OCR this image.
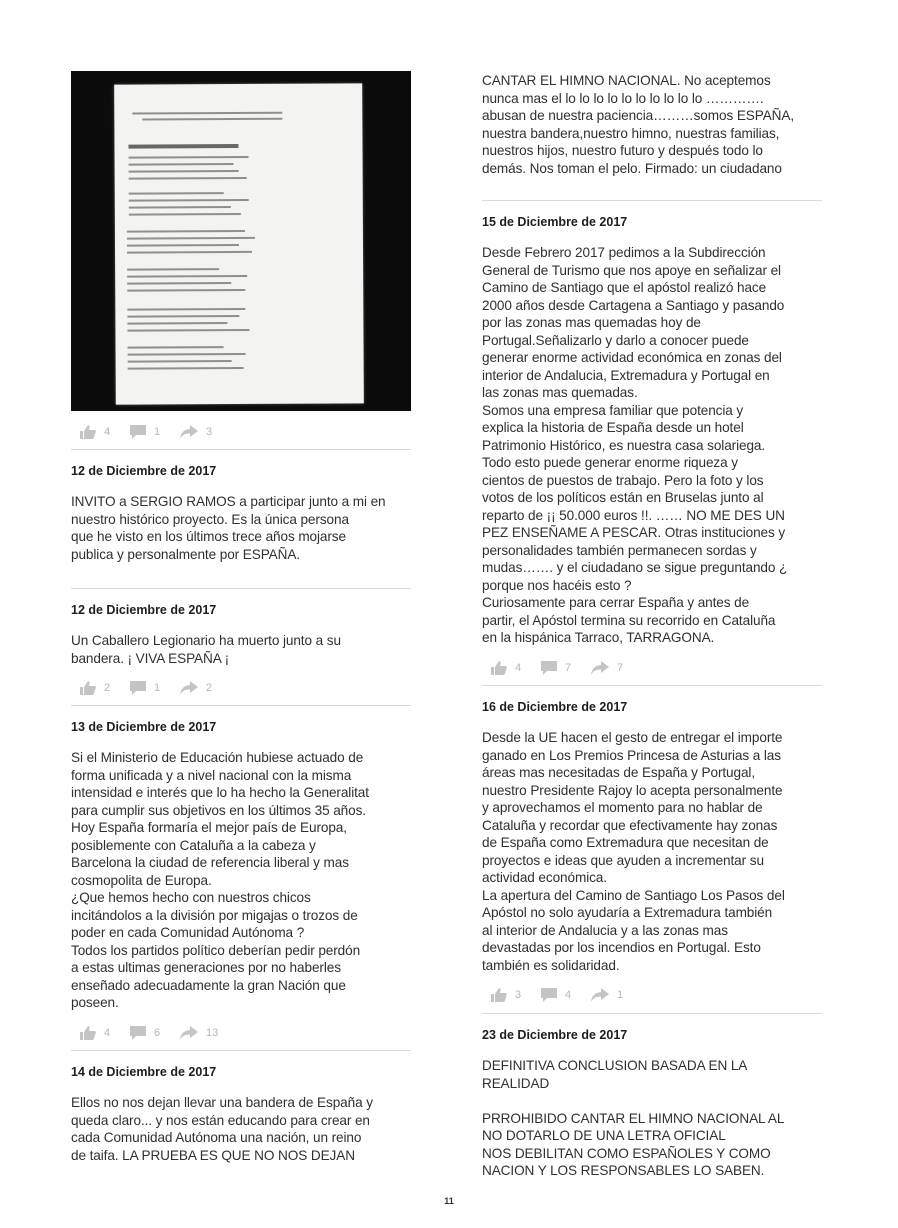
4	1	3
12 de Diciembre de 2017
INVITO a SERGIO RAMOS a participar junto a mi en
nuestro histórico proyecto. Es la única persona
que he visto en los últimos trece años mojarse
publica y personalmente por ESPAÑA.
12 de Diciembre de 2017
Un Caballero Legionario ha muerto junto a su
bandera. ¡ VIVA ESPAÑA ¡
2	1	2
13 de Diciembre de 2017
Si el Ministerio de Educación hubiese actuado de
forma unificada y a nivel nacional con la misma
intensidad e interés que lo ha hecho la Generalitat
para cumplir sus objetivos en los últimos 35 años.
Hoy España formaría el mejor país de Europa,
posiblemente con Cataluña a la cabeza y
Barcelona la ciudad de referencia liberal y mas
cosmopolita de Europa.
¿Que hemos hecho con nuestros chicos
incitándolos a la división por migajas o trozos de
poder en cada Comunidad Autónoma ?
Todos los partidos político deberían pedir perdón
a estas ultimas generaciones por no haberles
enseñado adecuadamente la gran Nación que
poseen.
4	6	13
14 de Diciembre de 2017
Ellos no nos dejan llevar una bandera de España y
queda claro... y nos están educando para crear en
cada Comunidad Autónoma una nación, un reino
de taifa. LA PRUEBA ES QUE NO NOS DEJAN
CANTAR EL HIMNO NACIONAL. No aceptemos
nunca mas el lo lo lo lo lo lo lo lo lo lo ………….
abusan de nuestra paciencia………somos ESPAÑA,
nuestra bandera,nuestro himno, nuestras familias,
nuestros hijos, nuestro futuro y después todo lo
demás. Nos toman el pelo. Firmado: un ciudadano
15 de Diciembre de 2017
Desde Febrero 2017 pedimos a la Subdirección
General de Turismo que nos apoye en señalizar el
Camino de Santiago que el apóstol realizó hace
2000 años desde Cartagena a Santiago y pasando
por las zonas mas quemadas hoy de
Portugal.Señalizarlo y darlo a conocer puede
generar enorme actividad económica en zonas del
interior de Andalucia, Extremadura y Portugal en
las zonas mas quemadas.
Somos una empresa familiar que potencia y
explica la historia de España desde un hotel
Patrimonio Histórico, es nuestra casa solariega.
Todo esto puede generar enorme riqueza y
cientos de puestos de trabajo. Pero la foto y los
votos de los políticos están en Bruselas junto al
reparto de ¡¡ 50.000 euros !!. …… NO ME DES UN
PEZ ENSEÑAME A PESCAR. Otras instituciones y
personalidades también permanecen sordas y
mudas……. y el ciudadano se sigue preguntando ¿
porque nos hacéis esto ?
Curiosamente para cerrar España y antes de
partir, el Apóstol termina su recorrido en Cataluña
en la hispánica Tarraco, TARRAGONA.
4	7	7
16 de Diciembre de 2017
Desde la UE hacen el gesto de entregar el importe
ganado en Los Premios Princesa de Asturias a las
áreas mas necesitadas de España y Portugal,
nuestro Presidente Rajoy lo acepta personalmente
y aprovechamos el momento para no hablar de
Cataluña y recordar que efectivamente hay zonas
de España como Extremadura que necesitan de
proyectos e ideas que ayuden a incrementar su
actividad económica.
La apertura del Camino de Santiago Los Pasos del
Apóstol no solo ayudaría a Extremadura también
al interior de Andalucia y a las zonas mas
devastadas por los incendios en Portugal. Esto
también es solidaridad.
3	4	1
23 de Diciembre de 2017
DEFINITIVA CONCLUSION BASADA EN LA
REALIDAD

PRROHIBIDO CANTAR EL HIMNO NACIONAL AL
NO DOTARLO DE UNA LETRA OFICIAL
NOS DEBILITAN COMO ESPAÑOLES Y COMO
NACION Y LOS RESPONSABLES LO SABEN.
11
